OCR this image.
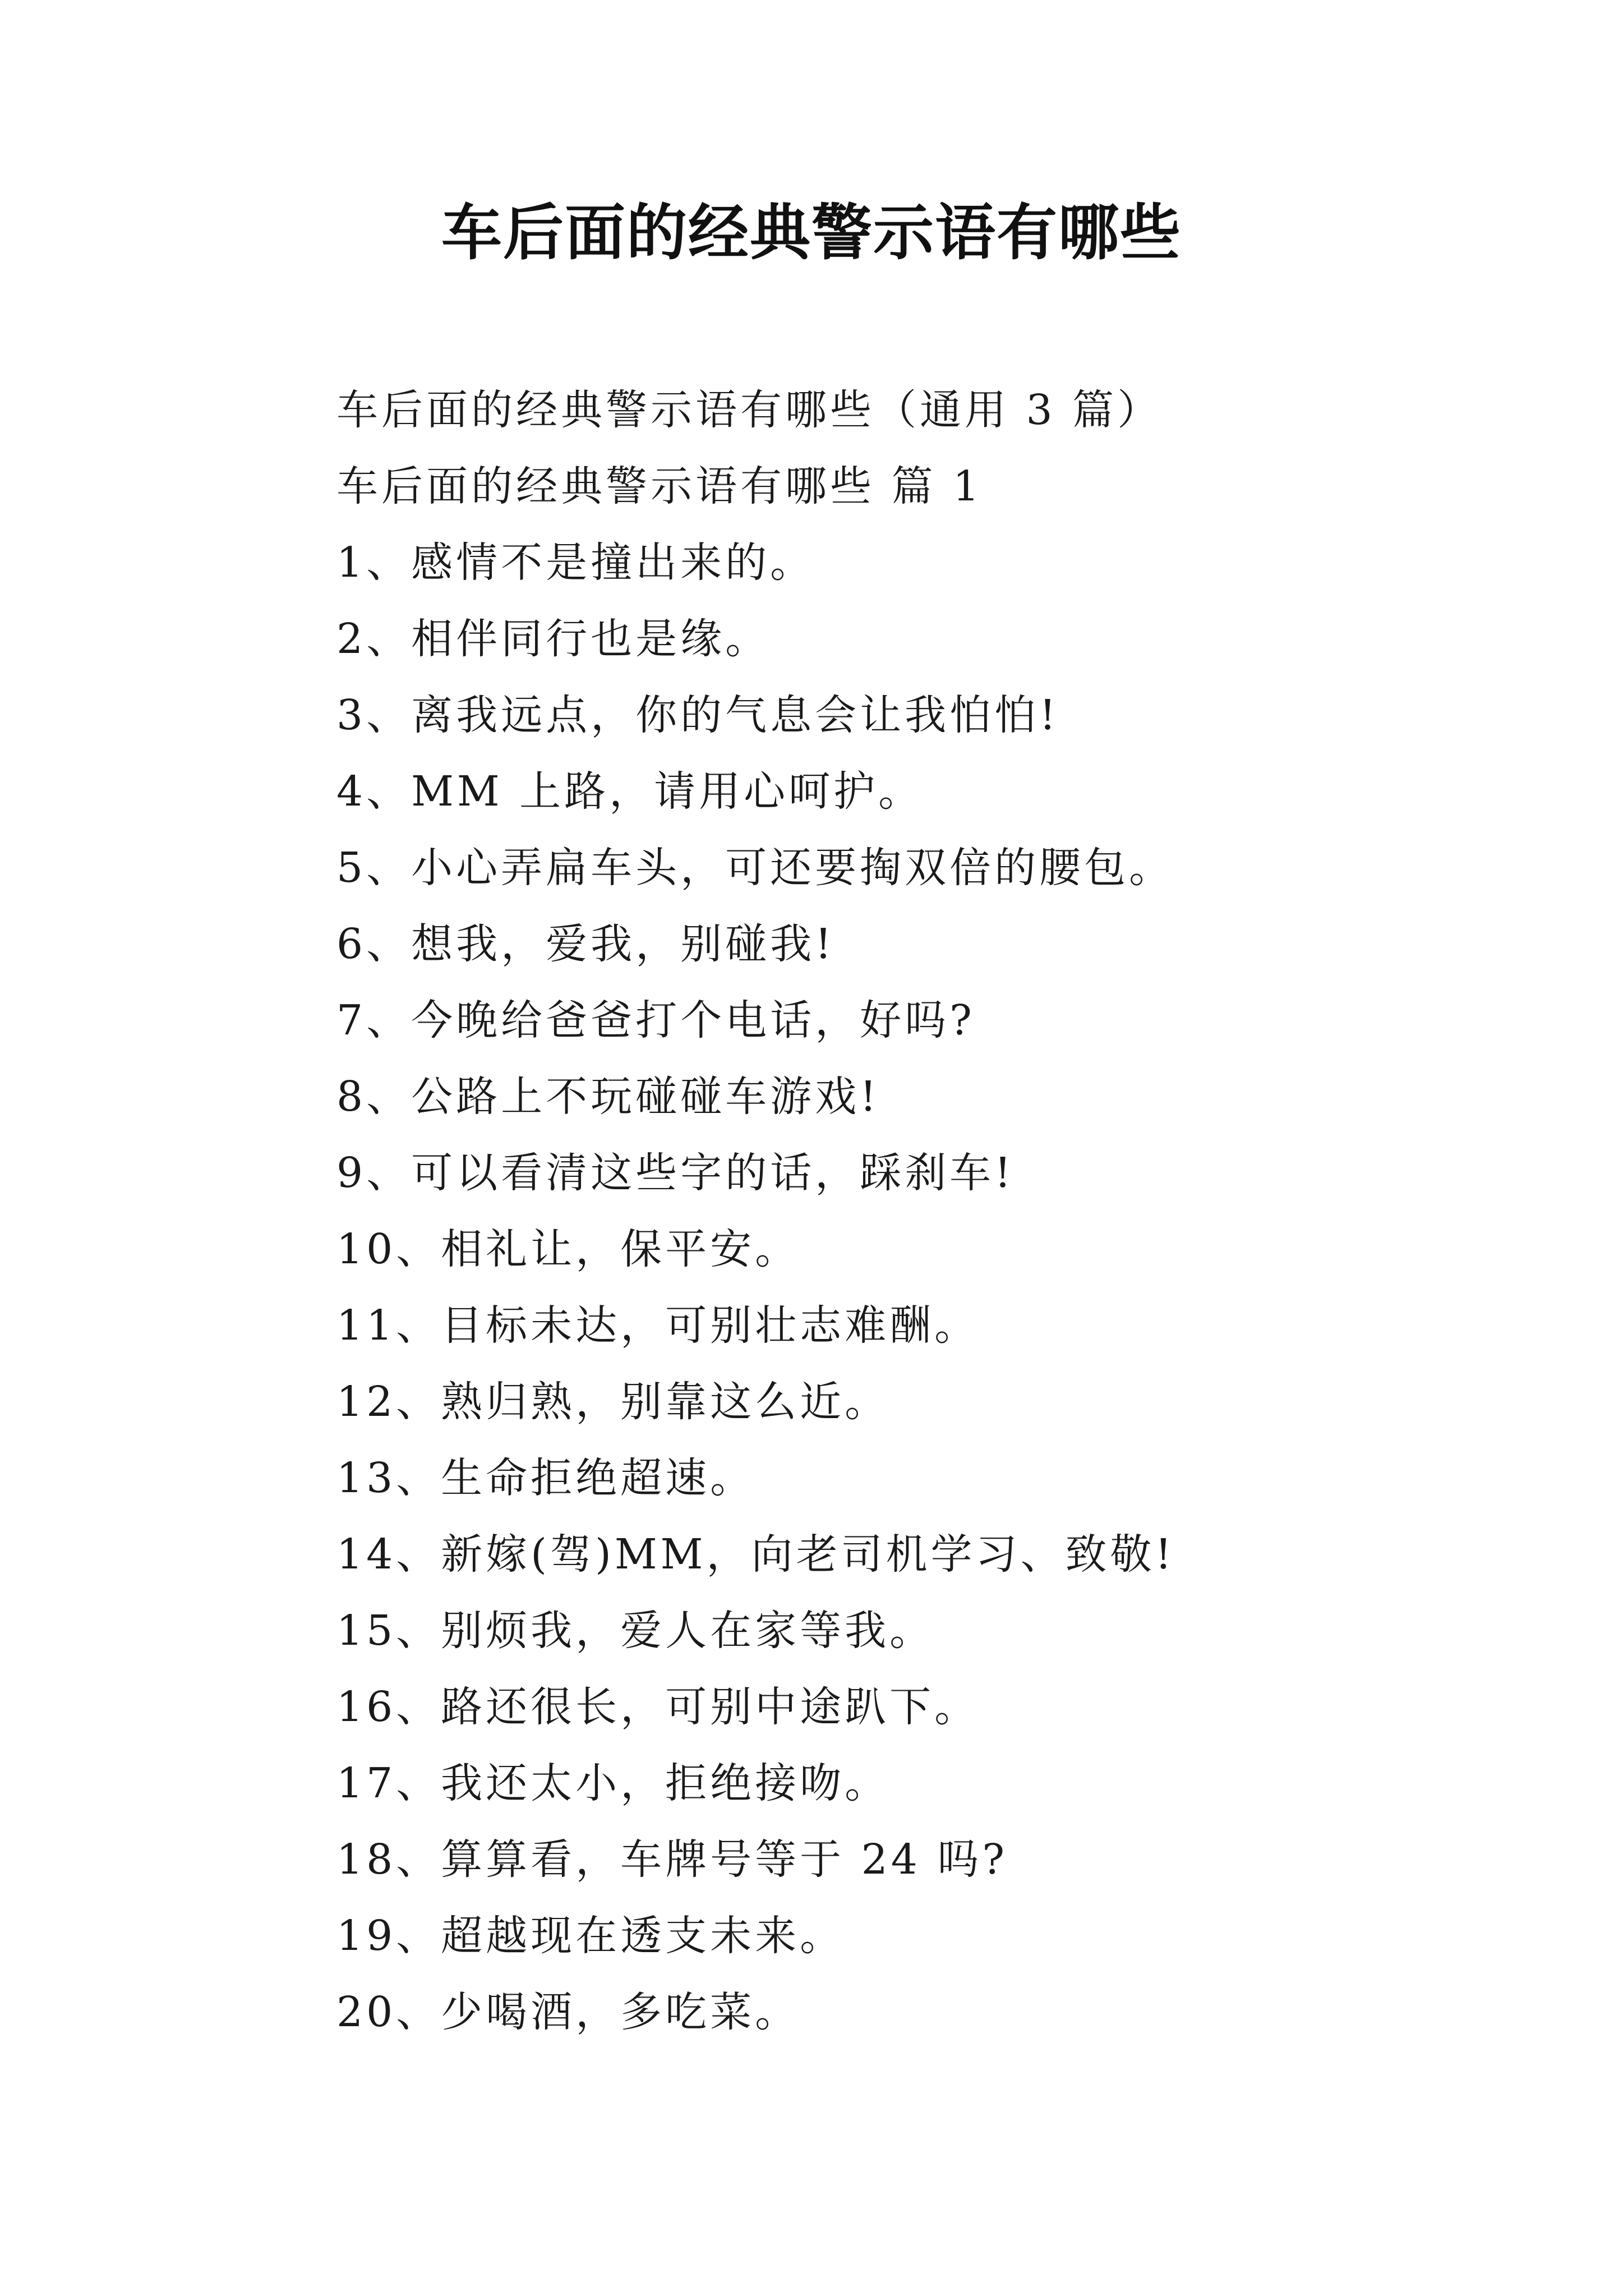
车后面的经典警示语有哪些
车后面的经典警示语有哪些（通用 3 篇）
车后面的经典警示语有哪些 篇 1
1、感情不是撞出来的。
2、相伴同行也是缘。
3、离我远点，你的气息会让我怕怕!
4、MM 上路，请用心呵护。
5、小心弄扁车头，可还要掏双倍的腰包。
6、想我，爱我，别碰我!
7、今晚给爸爸打个电话，好吗?
8、公路上不玩碰碰车游戏!
9、可以看清这些字的话，踩刹车!
10、相礼让，保平安。
11、目标未达，可别壮志难酬。
12、熟归熟，别靠这么近。
13、生命拒绝超速。
14、新嫁(驾)MM，向老司机学习、致敬!
15、别烦我，爱人在家等我。
16、路还很长，可别中途趴下。
17、我还太小，拒绝接吻。
18、算算看，车牌号等于 24 吗?
19、超越现在透支未来。
20、少喝酒，多吃菜。
